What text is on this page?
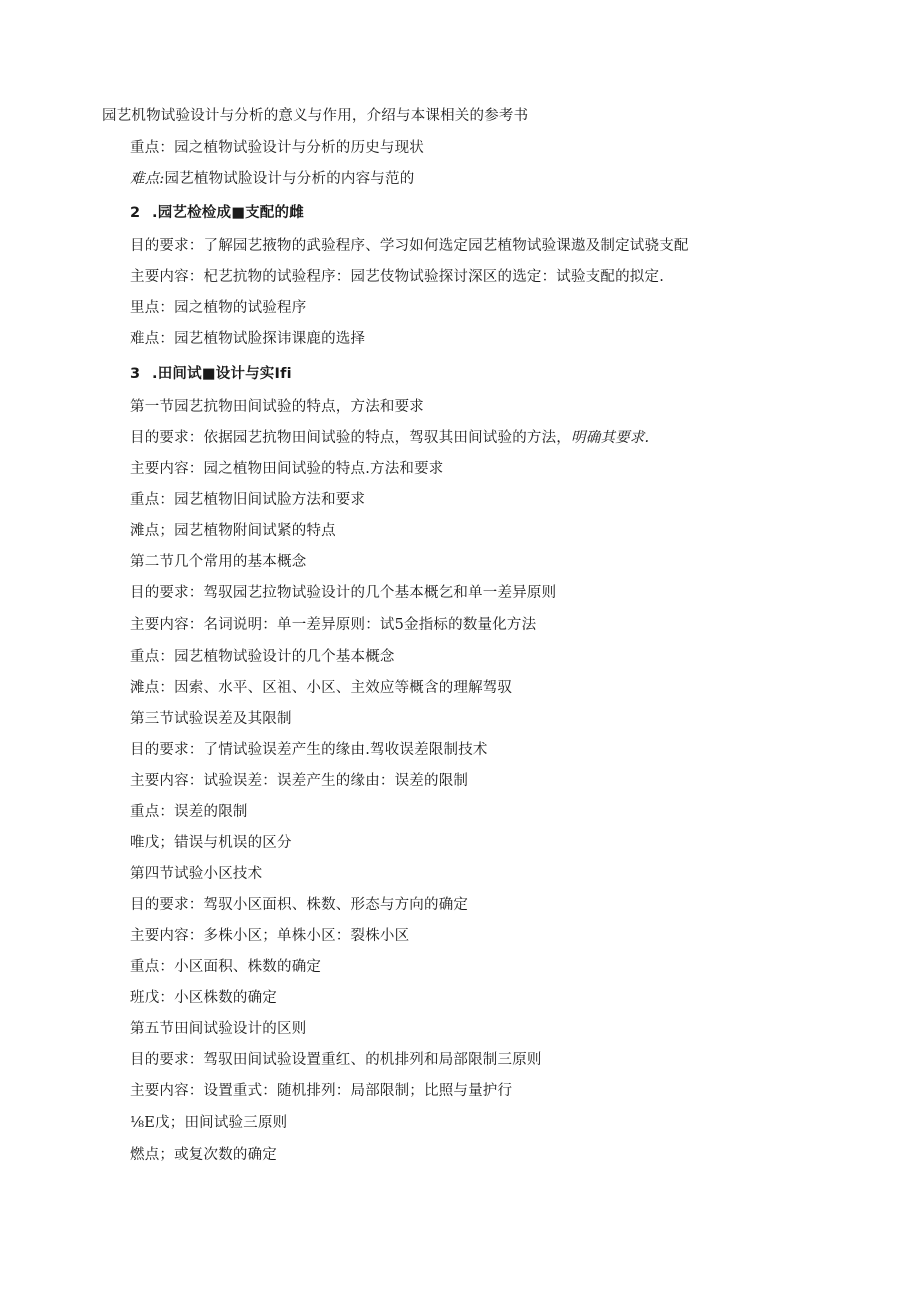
园艺机物试验设计与分析的意义与作用，介绍与本课相关的参考书
重点：园之植物试验设计与分析的历史与现状
难点:园艺植物试脸设计与分析的内容与范的
2 .园艺检检成■支配的雌
目的要求：了解园艺掖物的武验程序、学习如何选定园艺植物试验课遨及制定试骁支配
主要内容：杞艺抗物的试验程序：园艺伎物试验探讨深区的选定：试验支配的拟定.
里点：园之植物的试验程序
难点：园艺植物试脸探讳课鹿的选择
3 .田间试■设计与实Ifi
第一节园艺抗物田间试验的特点，方法和要求
目的要求：依据园艺抗物田间试验的特点，驾驭其田间试验的方法，明确其要求.
主要内容：园之植物田间试验的特点.方法和要求
重点：园艺植物旧间试脸方法和要求
滩点；园艺植物附间试紧的特点
第二节几个常用的基本概念
目的要求：驾驭园艺拉物试验设计的几个基本概乞和单一差异原则
主要内容：名词说明：单一差异原则：试5金指标的数量化方法
重点：园艺植物试验设计的几个基本概念
滩点：因索、水平、区祖、小区、主效应等概含的理解驾驭
第三节试验误差及其限制
目的要求：了情试验误差产生的缘由.驾收误差限制技术
主要内容：试验误差：误差产生的缘由：误差的限制
重点：误差的限制
唯戊；错误与机误的区分
第四节试验小区技术
目的要求：驾驭小区面枳、株数、形态与方向的确定
主要内容：多株小区；单株小区：裂株小区
重点：小区面积、株数的确定
班戊：小区株数的确定
第五节田间试验设计的区则
目的要求：驾驭田间试验设置重红、的机排列和局部限制三原则
主要内容：设置重式：随机排列：局部限制；比照与量护行
⅛E戊；田间试验三原则
燃点；或复次数的确定
